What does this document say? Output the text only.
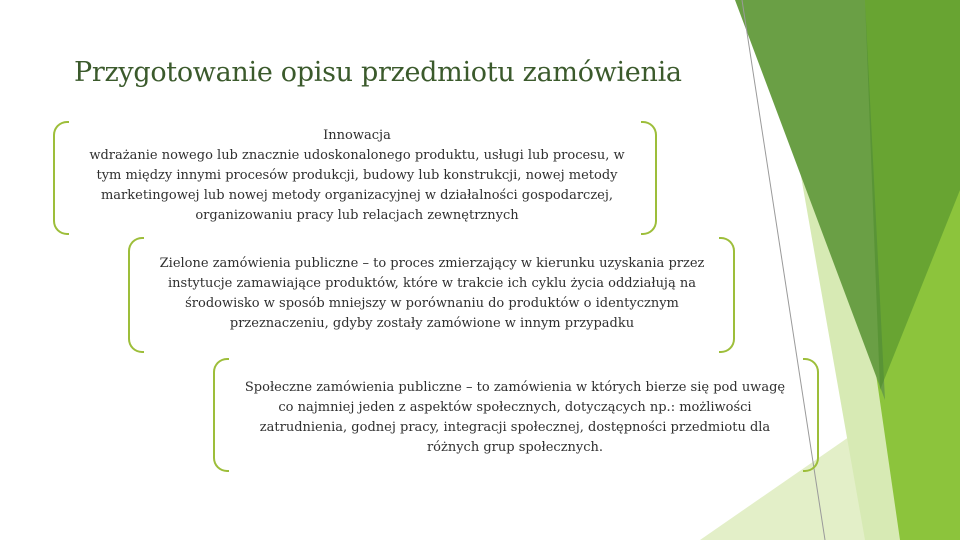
Przygotowanie opisu przedmiotu zamówienia
Innowacja
wdrażanie nowego lub znacznie udoskonalonego produktu, usługi lub procesu, w
tym między innymi procesów produkcji, budowy lub konstrukcji, nowej metody
marketingowej lub nowej metody organizacyjnej w działalności gospodarczej,
organizowaniu pracy lub relacjach zewnętrznych
Zielone zamówienia publiczne – to proces zmierzający w kierunku uzyskania przez
instytucje zamawiające produktów, które w trakcie ich cyklu życia oddziałują na
środowisko w sposób mniejszy w porównaniu do produktów o identycznym
przeznaczeniu, gdyby zostały zamówione w innym przypadku
Społeczne zamówienia publiczne – to zamówienia w których bierze się pod uwagę
co najmniej jeden z aspektów społecznych, dotyczących np.: możliwości
zatrudnienia, godnej pracy, integracji społecznej, dostępności przedmiotu dla
różnych grup społecznych.
